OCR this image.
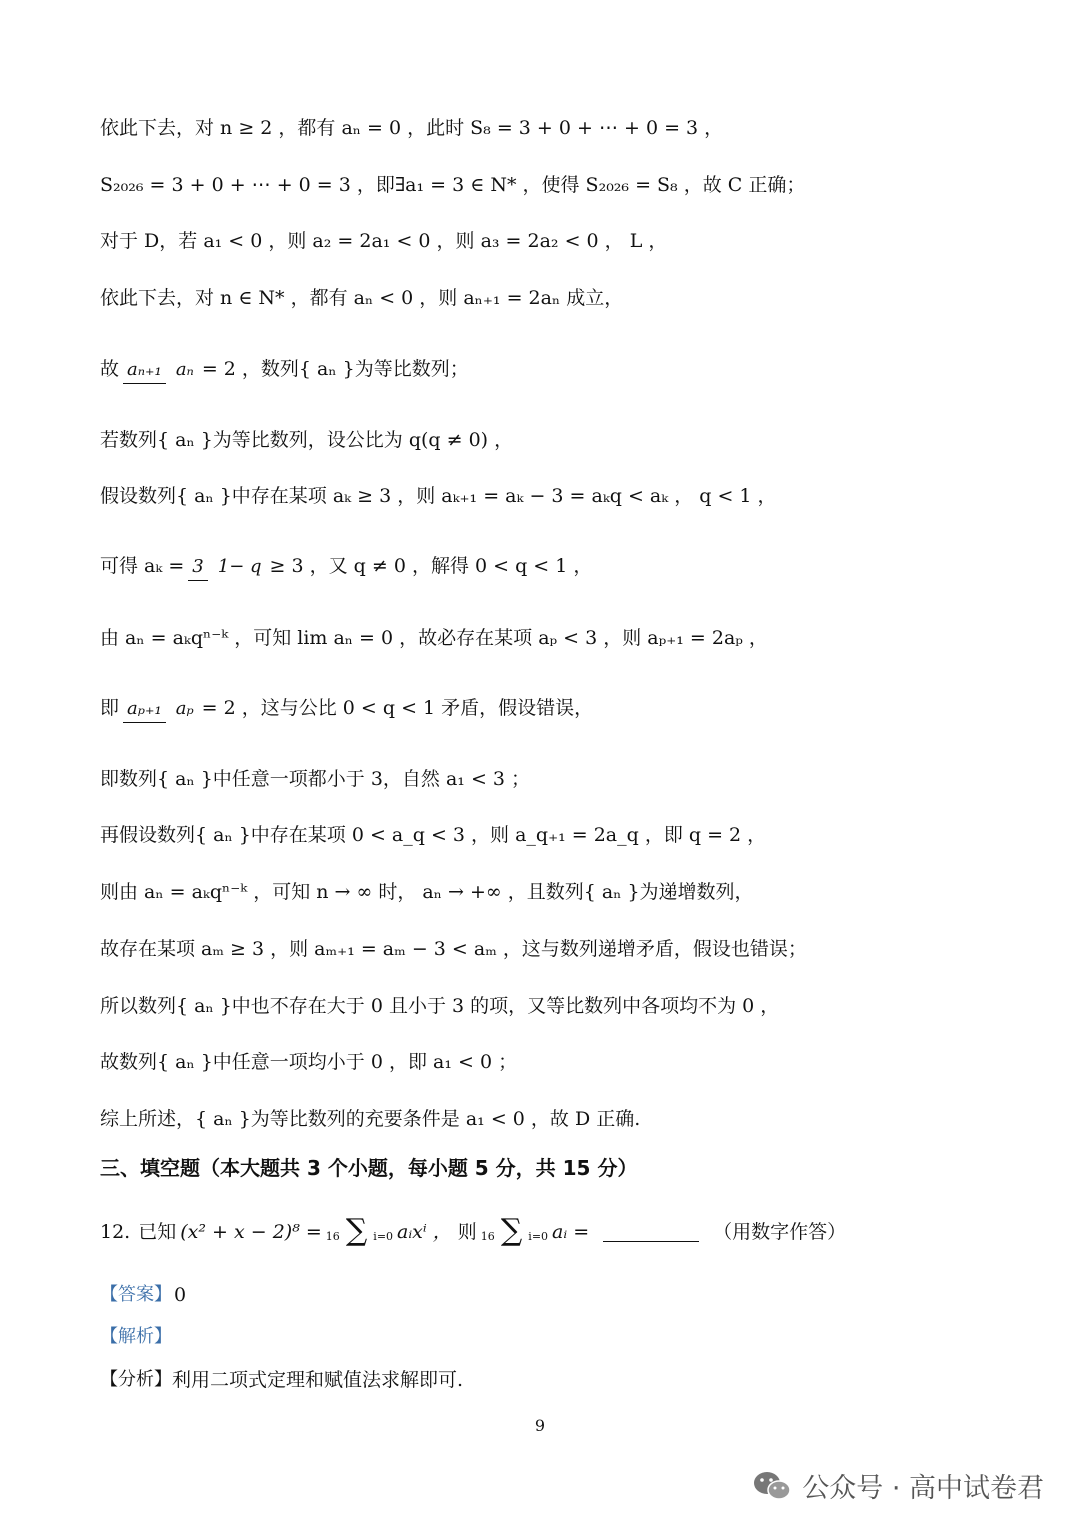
依此下去，对 n ≥ 2 ，都有 aₙ = 0 ，此时 S₈ = 3 + 0 + ⋯ + 0 = 3 ，
S₂₀₂₆ = 3 + 0 + ⋯ + 0 = 3 ，即∃a₁ = 3 ∈ N* ，使得 S₂₀₂₆ = S₈ ，故 C 正确；
对于 D，若 a₁ < 0 ，则 a₂ = 2a₁ < 0 ，则 a₃ = 2a₂ < 0 ， L ，
依此下去，对 n ∈ N* ，都有 aₙ < 0 ，则 aₙ₊₁ = 2aₙ 成立，
故 aₙ₊₁ aₙ = 2 ，数列{ aₙ }为等比数列；
若数列{ aₙ }为等比数列，设公比为 q(q ≠ 0) ，
假设数列{ aₙ }中存在某项 aₖ ≥ 3 ，则 aₖ₊₁ = aₖ − 3 = aₖq < aₖ ， q < 1 ，
可得 aₖ = 3 1− q ≥ 3 ，又 q ≠ 0 ，解得 0 < q < 1 ，
由 aₙ = aₖqⁿ⁻ᵏ ，可知 lim aₙ = 0 ，故必存在某项 aₚ < 3 ，则 aₚ₊₁ = 2aₚ ，
即 aₚ₊₁ aₚ = 2 ，这与公比 0 < q < 1 矛盾，假设错误，
即数列{ aₙ }中任意一项都小于 3，自然 a₁ < 3 ；
再假设数列{ aₙ }中存在某项 0 < a_q < 3 ，则 a_q₊₁ = 2a_q ，即 q = 2 ，
则由 aₙ = aₖqⁿ⁻ᵏ ，可知 n → ∞ 时， aₙ → +∞ ，且数列{ aₙ }为递增数列，
故存在某项 aₘ ≥ 3 ，则 aₘ₊₁ = aₘ − 3 < aₘ ，这与数列递增矛盾，假设也错误；
所以数列{ aₙ }中也不存在大于 0 且小于 3 的项，又等比数列中各项均不为 0 ，
故数列{ aₙ }中任意一项均小于 0 ，即 a₁ < 0 ；
综上所述，{ aₙ }为等比数列的充要条件是 a₁ < 0 ，故 D 正确.
三、填空题（本大题共 3 个小题，每小题 5 分，共 15 分）
12. 已知 (x² + x − 2)⁸ = 16 ∑ i=0 aᵢxⁱ ， 则 16 ∑ i=0 aᵢ =	（用数字作答）
【答案】 0
【解析】
【分析】 利用二项式定理和赋值法求解即可.
9
公众号 · 高中试卷君
